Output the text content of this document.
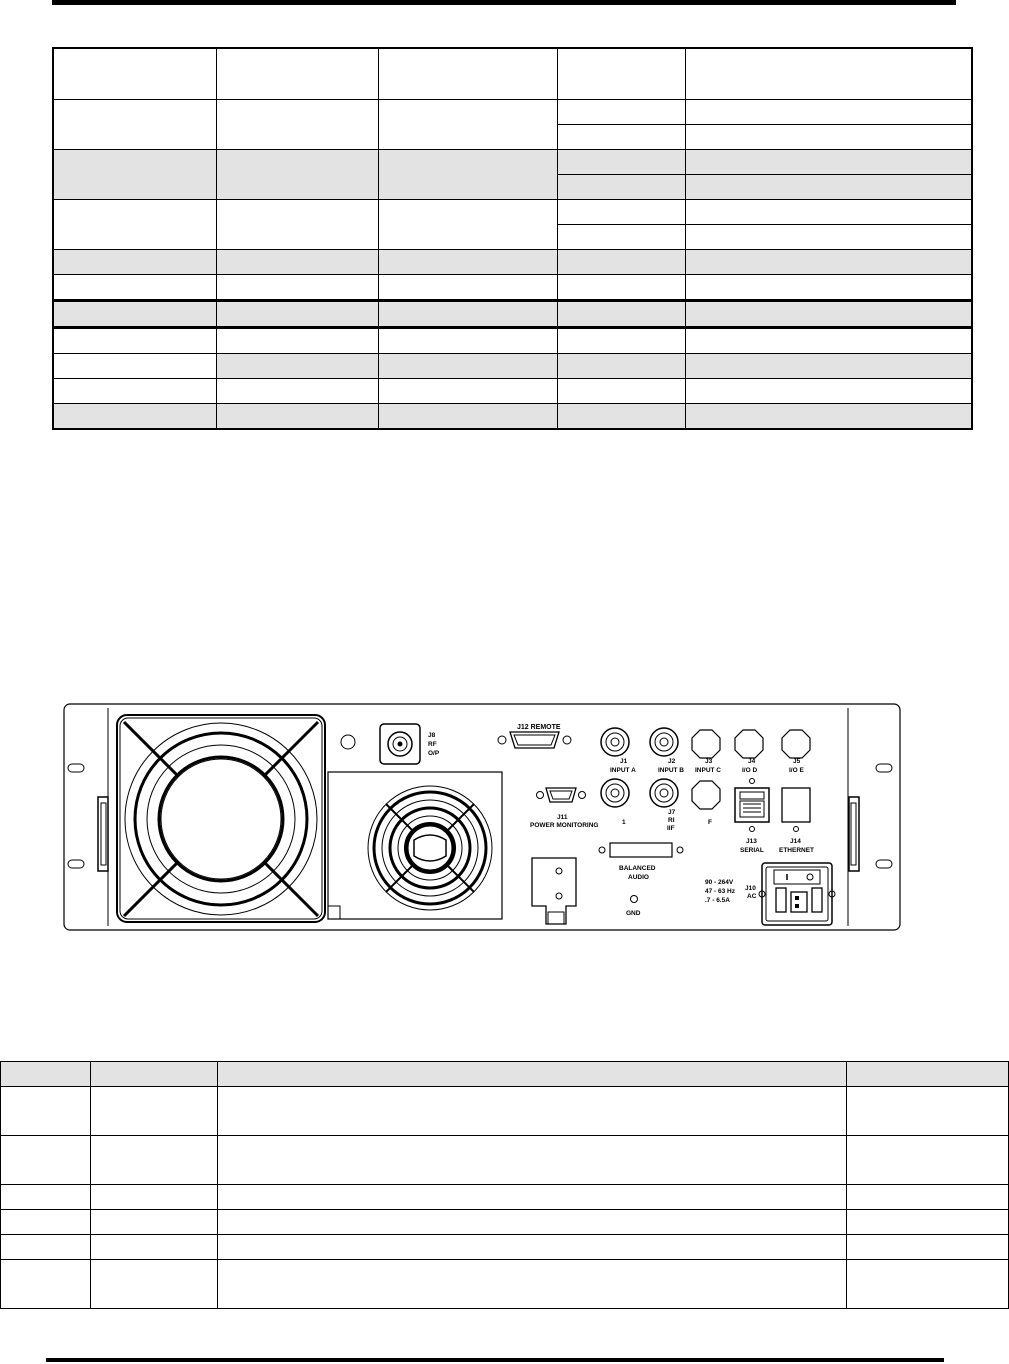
J8
RF
O/P
J12 REMOTE
J1
INPUT A
J2
INPUT B
J3
INPUT C
J4
I/O D
J5
I/O E
J11
POWER MONITORING	1
J7
RI
IIF
F
J13
SERIAL
J14
ETHERNET
BALANCED
AUDIO
GND
90 - 264V
47 - 63 Hz
.7 - 6.5A
J10
AC
